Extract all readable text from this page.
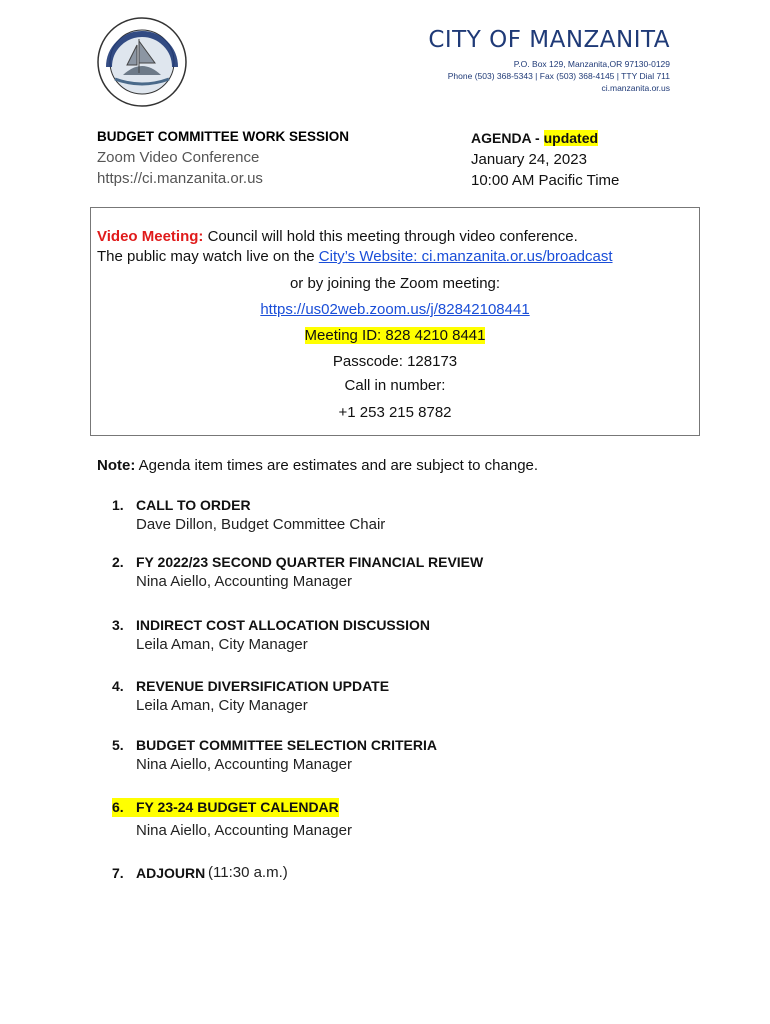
CITY OF MANZANITA
P.O. Box 129, Manzanita,OR 97130-0129
Phone (503) 368-5343 | Fax (503) 368-4145 | TTY Dial 711
ci.manzanita.or.us
BUDGET COMMITTEE WORK SESSION
Zoom Video Conference
https://ci.manzanita.or.us
AGENDA - updated
January 24, 2023
10:00 AM Pacific Time
Video Meeting: Council will hold this meeting through video conference.
The public may watch live on the City’s Website: ci.manzanita.or.us/broadcast
or by joining the Zoom meeting:
https://us02web.zoom.us/j/82842108441
Meeting ID: 828 4210 8441
Passcode: 128173
Call in number:
+1 253 215 8782
Note: Agenda item times are estimates and are subject to change.
1. CALL TO ORDER
Dave Dillon, Budget Committee Chair
2. FY 2022/23 SECOND QUARTER FINANCIAL REVIEW
Nina Aiello, Accounting Manager
3. INDIRECT COST ALLOCATION DISCUSSION
Leila Aman, City Manager
4. REVENUE DIVERSIFICATION UPDATE
Leila Aman, City Manager
5. BUDGET COMMITTEE SELECTION CRITERIA
Nina Aiello, Accounting Manager
6. FY 23-24 BUDGET CALENDAR
Nina Aiello, Accounting Manager
7. ADJOURN (11:30 a.m.)
